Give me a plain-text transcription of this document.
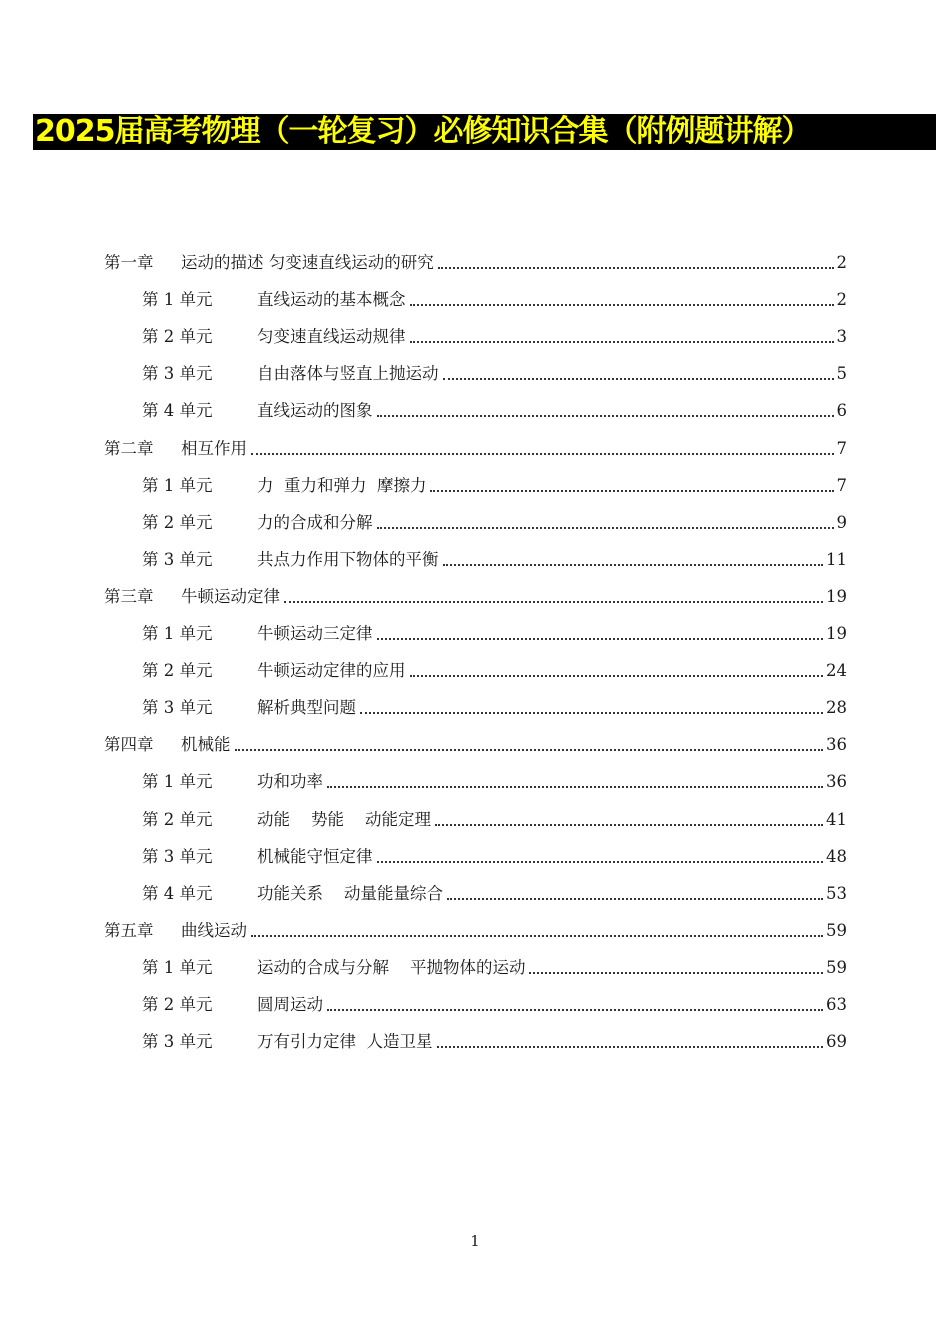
2025届高考物理（一轮复习）必修知识合集（附例题讲解）
第一章	运动的描述 匀变速直线运动的研究	2
第 1 单元	直线运动的基本概念	2
第 2 单元	匀变速直线运动规律	3
第 3 单元	自由落体与竖直上抛运动	5
第 4 单元	直线运动的图象	6
第二章	相互作用	7
第 1 单元	力  重力和弹力  摩擦力	7
第 2 单元	力的合成和分解	9
第 3 单元	共点力作用下物体的平衡	11
第三章	牛顿运动定律	19
第 1 单元	牛顿运动三定律	19
第 2 单元	牛顿运动定律的应用	24
第 3 单元	解析典型问题	28
第四章	机械能	36
第 1 单元	功和功率	36
第 2 单元	动能    势能    动能定理	41
第 3 单元	机械能守恒定律	48
第 4 单元	功能关系    动量能量综合	53
第五章	曲线运动	59
第 1 单元	运动的合成与分解    平抛物体的运动	59
第 2 单元	圆周运动	63
第 3 单元	万有引力定律  人造卫星	69
1
